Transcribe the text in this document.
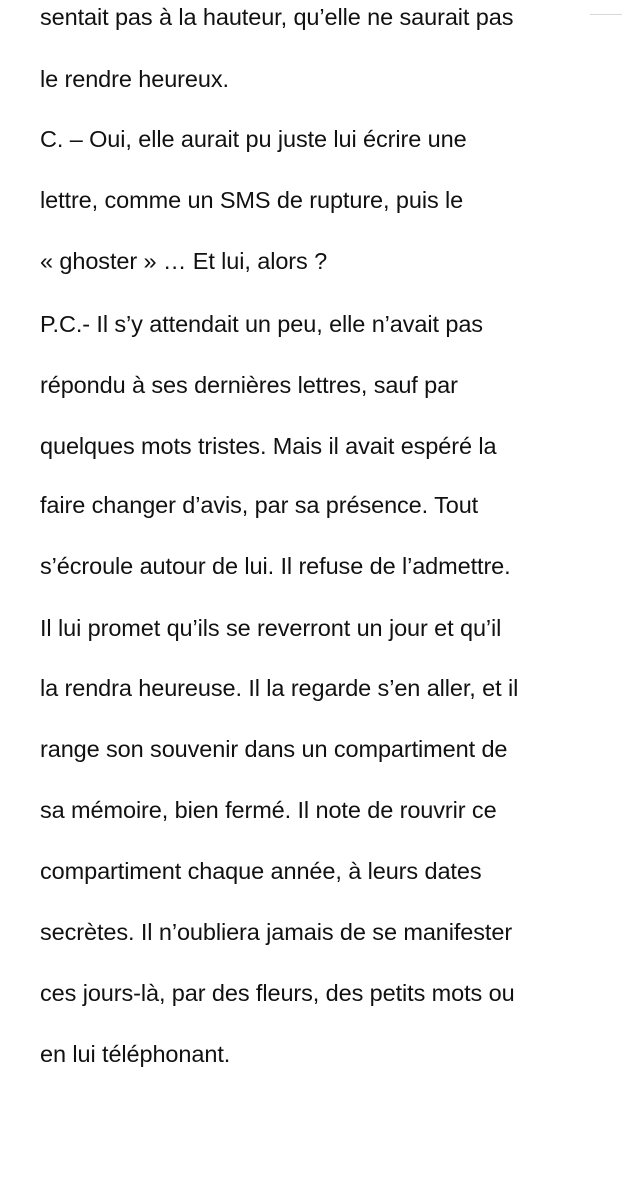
sentait pas à la hauteur, qu’elle ne saurait pas
le rendre heureux.
C. – Oui, elle aurait pu juste lui écrire une
lettre, comme un SMS de rupture, puis le
« ghoster » … Et lui, alors ?
P.C.- Il s’y attendait un peu, elle n’avait pas
répondu à ses dernières lettres, sauf par
quelques mots tristes. Mais il avait espéré la
faire changer d’avis, par sa présence. Tout
s’écroule autour de lui. Il refuse de l’admettre.
Il lui promet qu’ils se reverront un jour et qu’il
la rendra heureuse. Il la regarde s’en aller, et il
range son souvenir dans un compartiment de
sa mémoire, bien fermé. Il note de rouvrir ce
compartiment chaque année, à leurs dates
secrètes. Il n’oubliera jamais de se manifester
ces jours-là, par des fleurs, des petits mots ou
en lui téléphonant.
